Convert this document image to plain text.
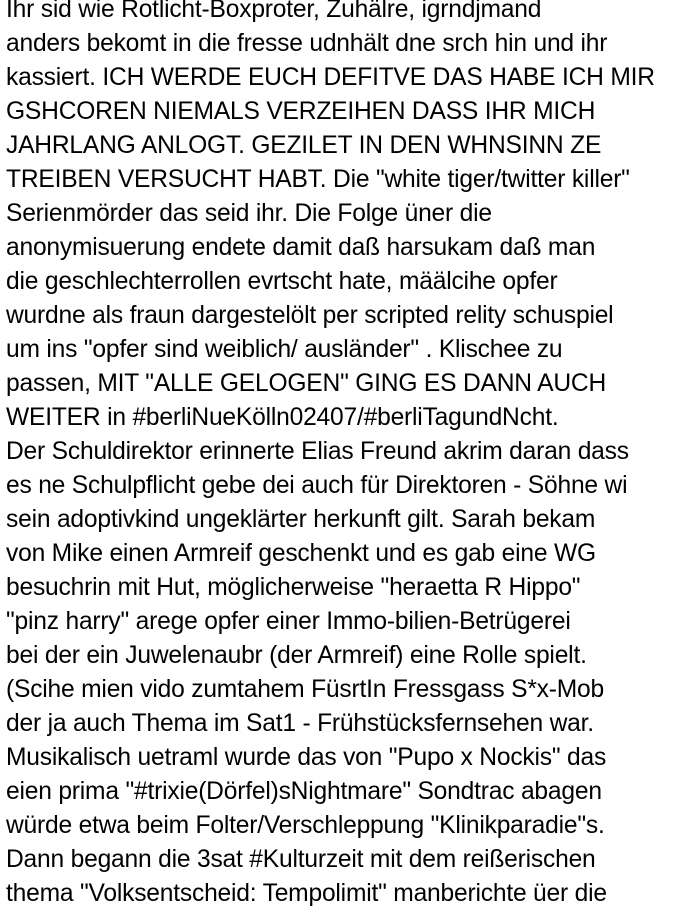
Ihr sid wie Rotlicht-Boxproter, Zuhälre, igrndjmand
anders bekomt in die fresse udnhält dne srch hin und ihr
kassiert. ICH WERDE EUCH DEFITVE DAS HABE ICH MIR
GSHCOREN NIEMALS VERZEIHEN DASS IHR MICH
JAHRLANG ANLOGT. GEZILET IN DEN WHNSINN ZE
TREIBEN VERSUCHT HABT. Die "white tiger/twitter killer"
Serienmörder das seid ihr. Die Folge üner die
anonymisuerung endete damit daß harsukam daß man
die geschlechterrollen evrtscht hate, määlcihe opfer
wurdne als fraun dargestelölt per scripted relity schuspiel
um ins "opfer sind weiblich/ ausländer" . Klischee zu
passen, MIT "ALLE GELOGEN" GING ES DANN AUCH
WEITER in #berliNueKölln02407/#berliTagundNcht.
Der Schuldirektor erinnerte Elias Freund akrim daran dass
es ne Schulpflicht gebe dei auch für Direktoren - Söhne wi
sein adoptivkind ungeklärter herkunft gilt. Sarah bekam
von Mike einen Armreif geschenkt und es gab eine WG
besuchrin mit Hut, möglicherweise "heraetta R Hippo"
"pinz harry" arege opfer einer Immo-bilien-Betrügerei
bei der ein Juwelenaubr (der Armreif) eine Rolle spielt.
(Scihe mien vido zumtahem FüsrtIn Fressgass S*x-Mob
der ja auch Thema im Sat1 - Frühstücksfernsehen war.
Musikalisch uetraml wurde das von "Pupo x Nockis" das
eien prima "#trixie(Dörfel)sNightmare" Sondtrac abagen
würde etwa beim Folter/Verschleppung "Klinikparadie"s.
Dann begann die 3sat #Kulturzeit mit dem reißerischen
thema "Volksentscheid: Tempolimit" manberichte üer die
